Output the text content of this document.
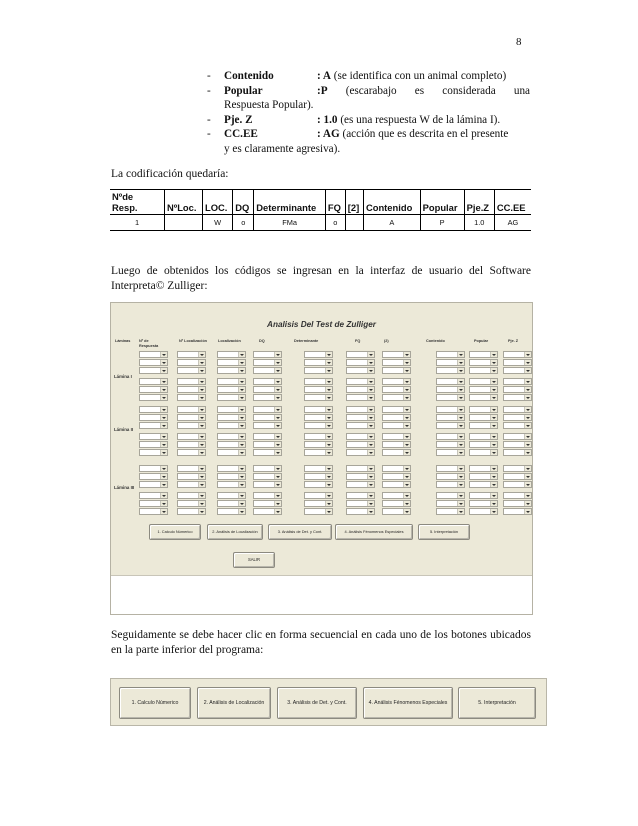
8
- Contenido	: A (se identifica con un animal completo)
- Popular	:P (escarabajo es considerada una
Respuesta Popular).
- Pje. Z	: 1.0 (es una respuesta W de la lámina I).
- CC.EE	: AG (acción que es descrita en el presente
y es claramente agresiva).
La codificación quedaría:
Nºde
Resp.	NºLoc.	LOC.	DQ	Determinante	FQ	[2]	Contenido	Popular	Pje.Z	CC.EE
1		W	o	FMa	o		A	P	1.0	AG
Luego de obtenidos los códigos se ingresan en la interfaz de usuario del Software Interpreta© Zulliger:
Analisis Del Test de Zulliger
Láminas Nº de Respuesta
Nº Localización	Localización	DQ	Determinante	FQ	(2)	Contenido	Popular	Pje. Z
Lámina I
Lámina II
Lámina III
1. Calculo Númerico	2. Análisis de Localización	3. Análisis de Det. y Cont.	4. Análisis Fénomenos Especiales	5. Interpretación
SALIR
Seguidamente se debe hacer clic en forma secuencial en cada uno de los botones ubicados en la parte inferior del programa:
1. Calculo Númerico	2. Análisis de Localización	3. Análisis de Det. y Cont.	4. Análisis Fénomenos Especiales	5. Interpretación
